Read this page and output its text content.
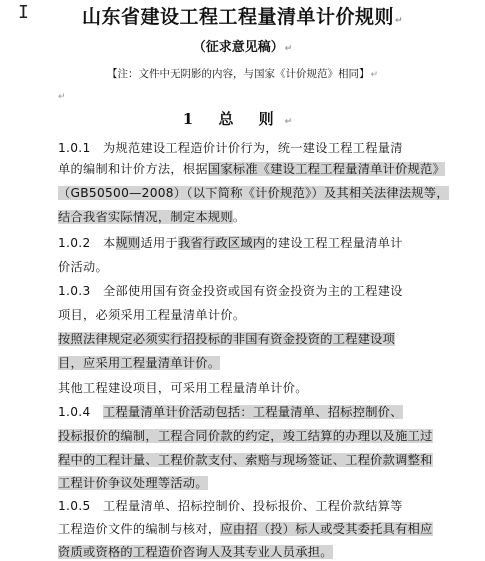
I	山东省建设工程工程量清单计价规则↵
（征求意见稿）↵
【注：文件中无阴影的内容，与国家《计价规范》相同】↵
↵
1 总 则↵
1.0.1　为规范建设工程造价计价行为，统一建设工程工程量清
单的编制和计价方法，根据国家标准《建设工程工程量清单计价规范》
（GB50500—2008）（以下简称《计价规范》）及其相关法律法规等，
结合我省实际情况，制定本规则。
1.0.2　本规则适用于我省行政区域内的建设工程工程量清单计
价活动。
1.0.3　全部使用国有资金投资或国有资金投资为主的工程建设
项目，必须采用工程量清单计价。
按照法律规定必须实行招投标的非国有资金投资的工程建设项
目，应采用工程量清单计价。
其他工程建设项目，可采用工程量清单计价。
1.0.4　工程量清单计价活动包括：工程量清单、招标控制价、
投标报价的编制，工程合同价款的约定，竣工结算的办理以及施工过
程中的工程计量、工程价款支付、索赔与现场签证、工程价款调整和
工程计价争议处理等活动。
1.0.5　工程量清单、招标控制价、投标报价、工程价款结算等
工程造价文件的编制与核对，应由招（投）标人或受其委托具有相应
资质或资格的工程造价咨询人及其专业人员承担。
